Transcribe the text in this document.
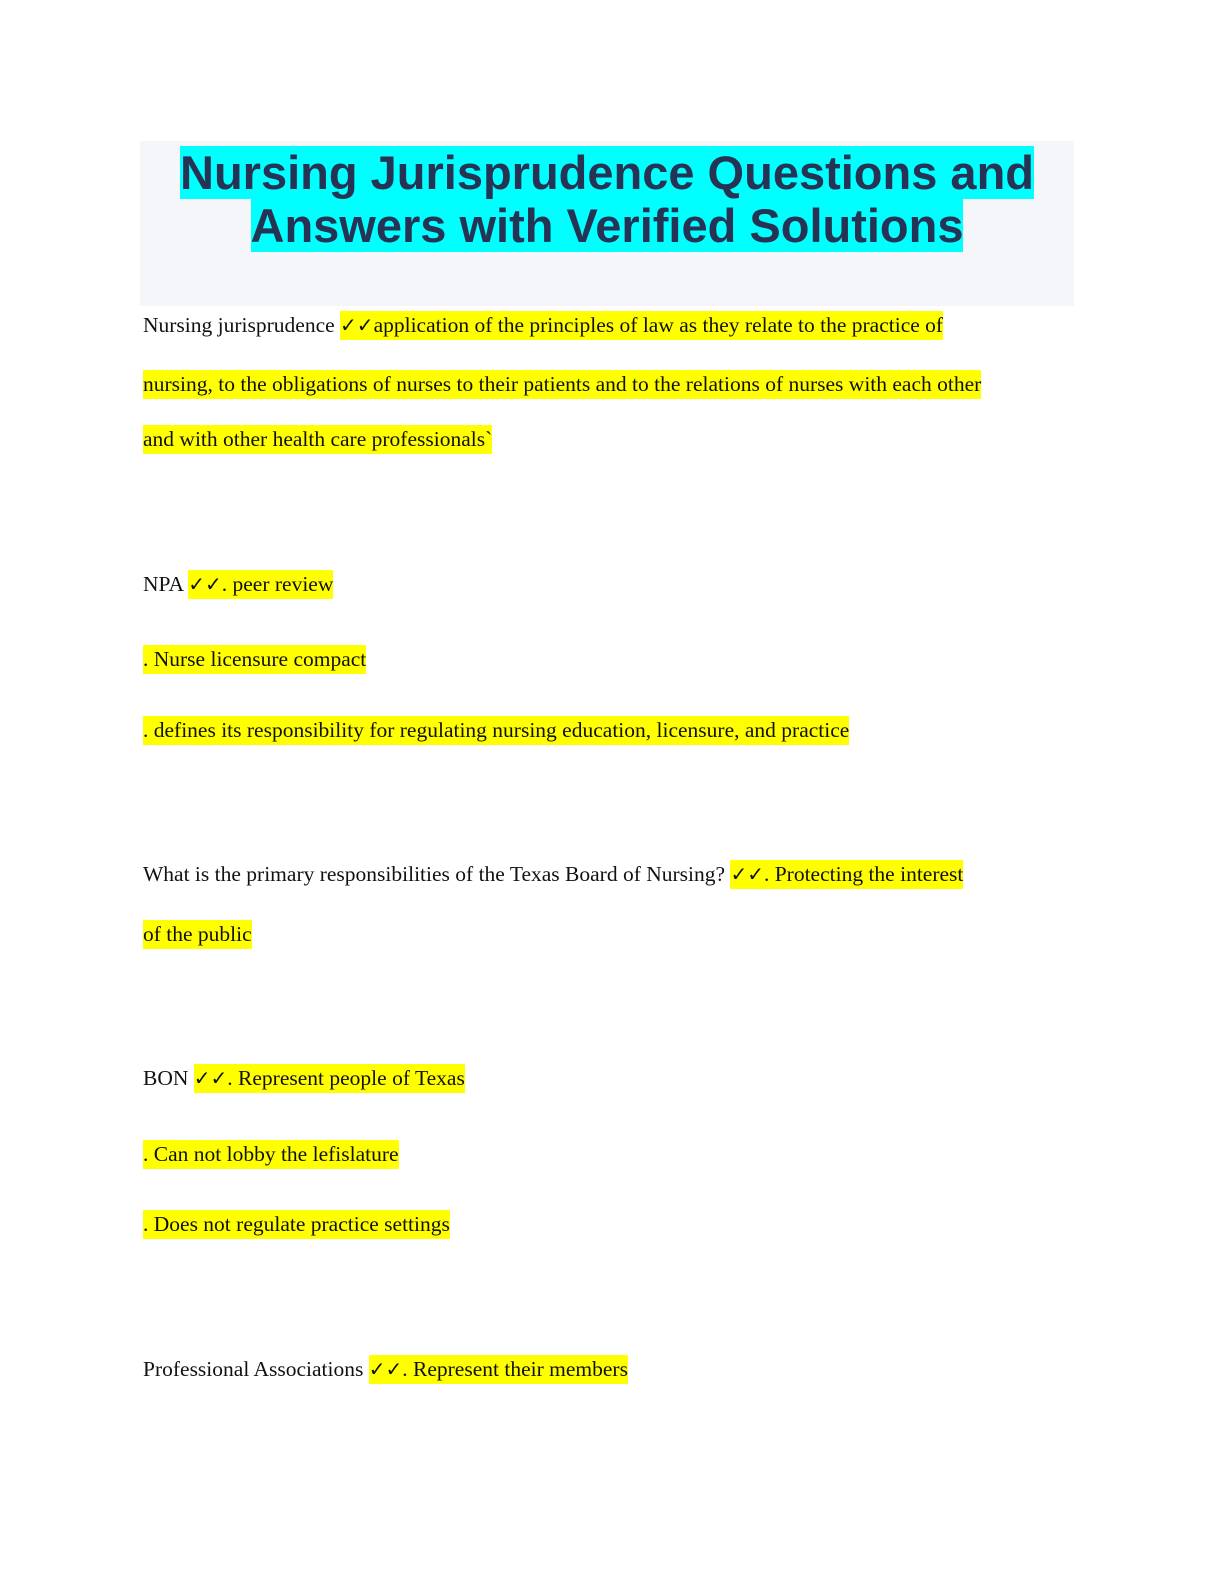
Nursing Jurisprudence Questions and
Answers with Verified Solutions

Nursing jurisprudence ✓✓application of the principles of law as they relate to the practice of

nursing, to the obligations of nurses to their patients and to the relations of nurses with each other

and with other health care professionals`

NPA ✓✓. peer review

. Nurse licensure compact

. defines its responsibility for regulating nursing education, licensure, and practice

What is the primary responsibilities of the Texas Board of Nursing? ✓✓. Protecting the interest

of the public

BON ✓✓. Represent people of Texas

. Can not lobby the lefislature

. Does not regulate practice settings

Professional Associations ✓✓. Represent their members
